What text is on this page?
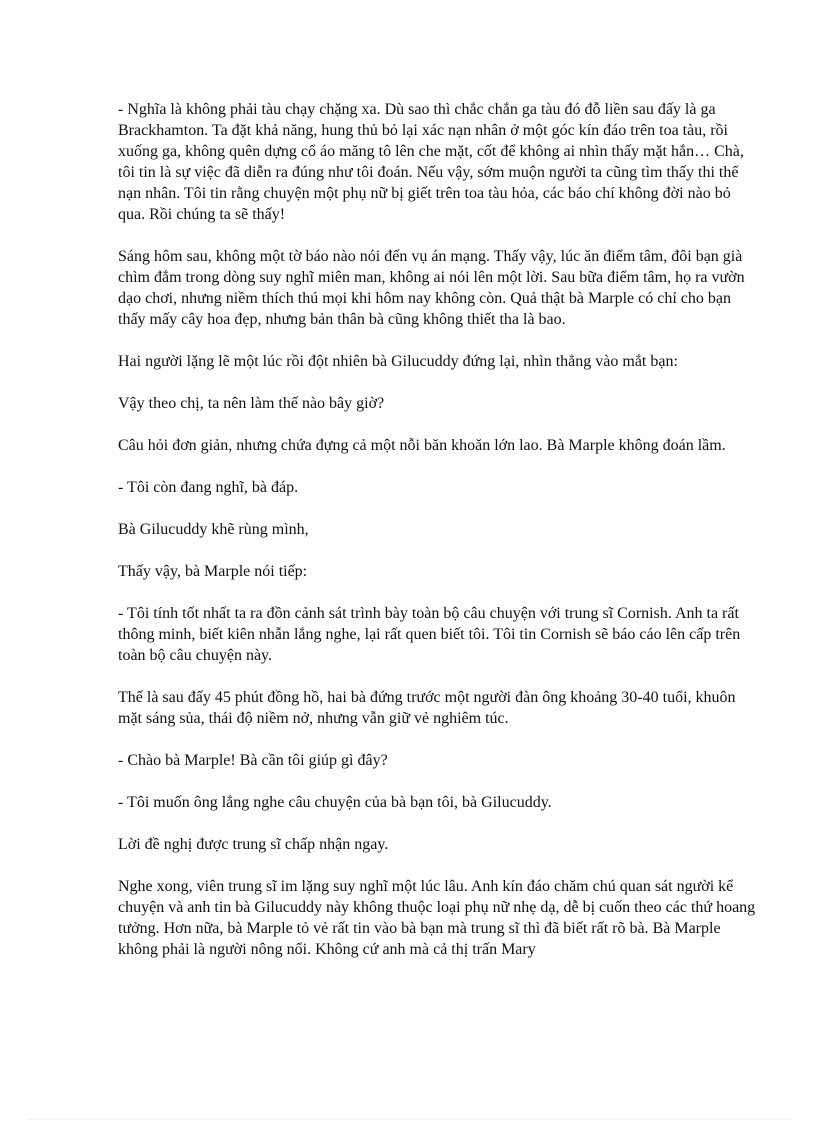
- Nghĩa là không phải tàu chạy chặng xa. Dù sao thì chắc chắn ga tàu đó đỗ liền sau đấy là ga Brackhamton. Ta đặt khả năng, hung thủ bỏ lại xác nạn nhân ở một góc kín đáo trên toa tàu, rồi xuống ga, không quên dựng cổ áo măng tô lên che mặt, cốt để không ai nhìn thấy mặt hắn… Chà, tôi tin là sự việc đã diễn ra đúng như tôi đoán. Nếu vậy, sớm muộn người ta cũng tìm thấy thi thể nạn nhân. Tôi tin rằng chuyện một phụ nữ bị giết trên toa tàu hỏa, các báo chí không đời nào bỏ qua. Rồi chúng ta sẽ thấy!

Sáng hôm sau, không một tờ báo nào nói đến vụ án mạng. Thấy vậy, lúc ăn điểm tâm, đôi bạn già chìm đắm trong dòng suy nghĩ miên man, không ai nói lên một lời. Sau bữa điểm tâm, họ ra vườn dạo chơi, nhưng niềm thích thú mọi khi hôm nay không còn. Quả thật bà Marple có chỉ cho bạn thấy mấy cây hoa đẹp, nhưng bản thân bà cũng không thiết tha là bao.

Hai người lặng lẽ một lúc rồi đột nhiên bà Gilucuddy đứng lại, nhìn thẳng vào mắt bạn:

Vậy theo chị, ta nên làm thế nào bây giờ?

Câu hỏi đơn giản, nhưng chứa đựng cả một nỗi băn khoăn lớn lao. Bà Marple không đoán lầm.

- Tôi còn đang nghĩ, bà đáp.

Bà Gilucuddy khẽ rùng mình,

Thấy vậy, bà Marple nói tiếp:

- Tôi tính tốt nhất ta ra đồn cảnh sát trình bày toàn bộ câu chuyện với trung sĩ Cornish. Anh ta rất thông minh, biết kiên nhẫn lắng nghe, lại rất quen biết tôi. Tôi tin Cornish sẽ báo cáo lên cấp trên toàn bộ câu chuyện này.

Thế là sau đấy 45 phút đồng hồ, hai bà đứng trước một người đàn ông khoảng 30-40 tuổi, khuôn mặt sáng sủa, thái độ niềm nở, nhưng vẫn giữ vẻ nghiêm túc.

- Chào bà Marple! Bà cần tôi giúp gì đây?

- Tôi muốn ông lắng nghe câu chuyện của bà bạn tôi, bà Gilucuddy.

Lời đề nghị được trung sĩ chấp nhận ngay.

Nghe xong, viên trung sĩ im lặng suy nghĩ một lúc lâu. Anh kín đáo chăm chú quan sát người kể chuyện và anh tin bà Gilucuddy này không thuộc loại phụ nữ nhẹ dạ, dễ bị cuốn theo các thứ hoang tưởng. Hơn nữa, bà Marple tỏ vẻ rất tin vào bà bạn mà trung sĩ thì đã biết rất rõ bà. Bà Marple không phải là người nông nổi. Không cứ anh mà cả thị trấn Mary
